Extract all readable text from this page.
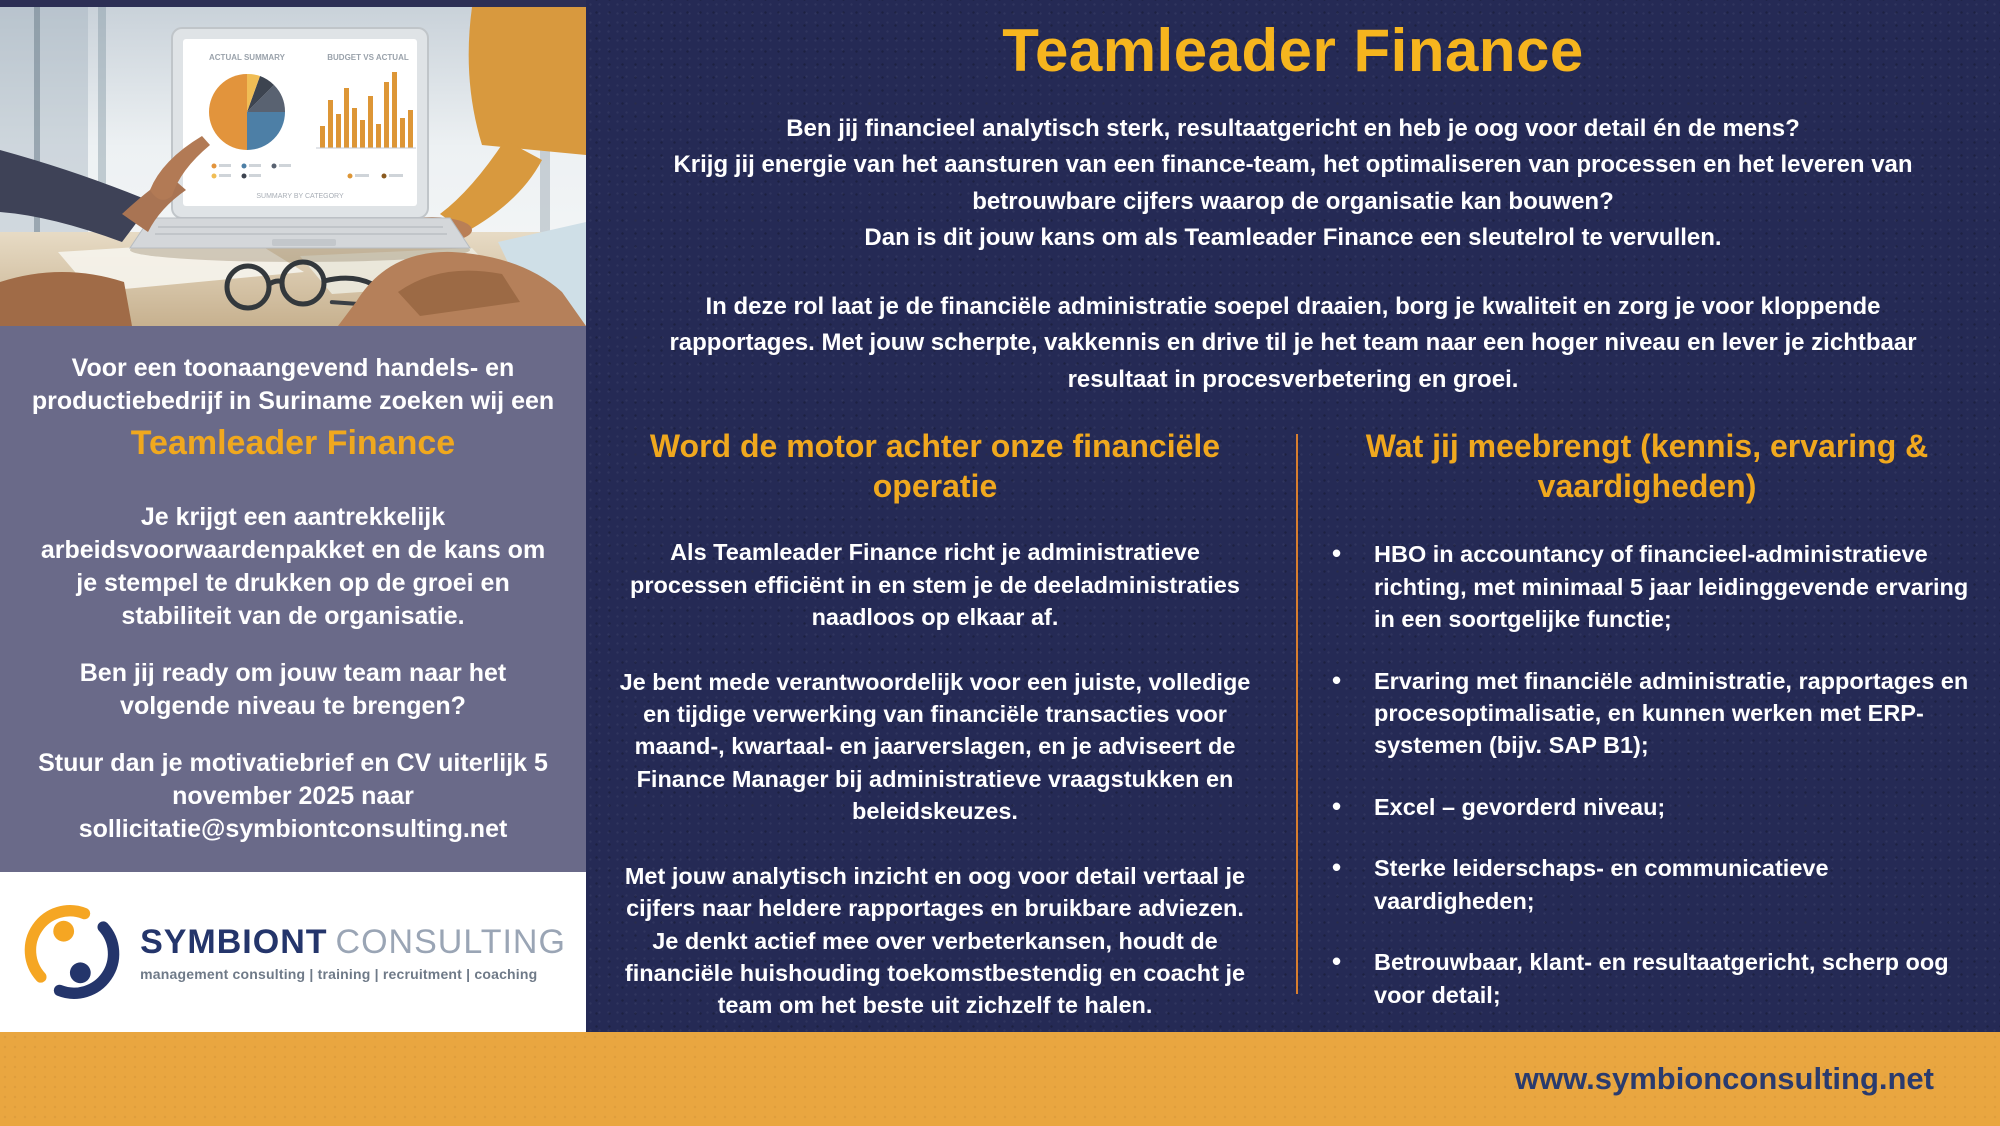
ACTUAL SUMMARY	BUDGET VS ACTUAL
SUMMARY BY CATEGORY
Voor een toonaangevend handels- en productiebedrijf in Suriname zoeken wij een
Teamleader Finance
Je krijgt een aantrekkelijk arbeidsvoorwaardenpakket en de kans om je stempel te drukken op de groei en stabiliteit van de organisatie.
Ben jij ready om jouw team naar het volgende niveau te brengen?
Stuur dan je motivatiebrief en CV uiterlijk 5 november 2025 naar
sollicitatie@symbiontconsulting.net
SYMBIONT CONSULTING
management consulting | training | recruitment | coaching
Teamleader Finance
Ben jij financieel analytisch sterk, resultaatgericht en heb je oog voor detail én de mens?
Krijg jij energie van het aansturen van een finance-team, het optimaliseren van processen en het leveren van betrouwbare cijfers waarop de organisatie kan bouwen?
Dan is dit jouw kans om als Teamleader Finance een sleutelrol te vervullen.
In deze rol laat je de financiële administratie soepel draaien, borg je kwaliteit en zorg je voor kloppende rapportages. Met jouw scherpte, vakkennis en drive til je het team naar een hoger niveau en lever je zichtbaar resultaat in procesverbetering en groei.
Word de motor achter onze financiële operatie
Als Teamleader Finance richt je administratieve processen efficiënt in en stem je de deeladministraties naadloos op elkaar af.
Je bent mede verantwoordelijk voor een juiste, volledige en tijdige verwerking van financiële transacties voor maand-, kwartaal- en jaarverslagen, en je adviseert de Finance Manager bij administratieve vraagstukken en beleidskeuzes.
Met jouw analytisch inzicht en oog voor detail vertaal je cijfers naar heldere rapportages en bruikbare adviezen. Je denkt actief mee over verbeterkansen, houdt de financiële huishouding toekomstbestendig en coacht je team om het beste uit zichzelf te halen.
Wat jij meebrengt (kennis, ervaring & vaardigheden)
• HBO in accountancy of financieel-administratieve richting, met minimaal 5 jaar leidinggevende ervaring in een soortgelijke functie;
• Ervaring met financiële administratie, rapportages en procesoptimalisatie, en kunnen werken met ERP-systemen (bijv. SAP B1);
• Excel – gevorderd niveau;
• Sterke leiderschaps- en communicatieve vaardigheden;
• Betrouwbaar, klant- en resultaatgericht, scherp oog voor detail;
•
www.symbionconsulting.net
